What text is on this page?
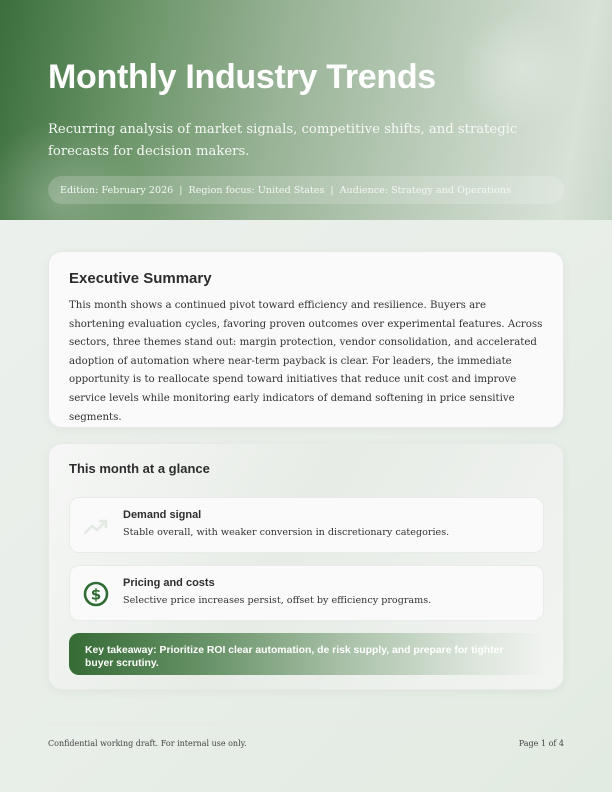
Monthly Industry Trends

Recurring analysis of market signals, competitive shifts, and strategic forecasts for decision makers.

Edition: February 2026 | Region focus: United States | Audience: Strategy and Operations
Executive Summary

This month shows a continued pivot toward efficiency and resilience. Buyers are shortening evaluation cycles, favoring proven outcomes over experimental features. Across sectors, three themes stand out: margin protection, vendor consolidation, and accelerated adoption of automation where near-term payback is clear. For leaders, the immediate opportunity is to reallocate spend toward initiatives that reduce unit cost and improve service levels while monitoring early indicators of demand softening in price sensitive segments.

This month at a glance
Demand signal
Stable overall, with weaker conversion in discretionary categories.
$
Pricing and costs
Selective price increases persist, offset by efficiency programs.
Key takeaway: Prioritize ROI clear automation, de risk supply, and prepare for tighter buyer scrutiny.
Confidential working draft. For internal use only.	Page 1 of 4
